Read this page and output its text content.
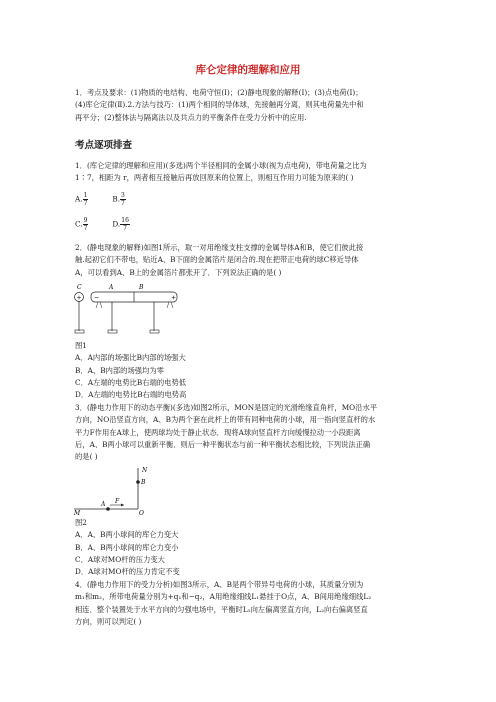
库仑定律的理解和应用

1．考点及要求：(1)物质的电结构、电荷守恒(Ⅰ)；(2)静电现象的解释(Ⅰ)；(3)点电荷(Ⅰ)；

(4)库仑定律(Ⅱ).2.方法与技巧：(1)两个相同的导体球，先接触再分离，则其电荷量先中和

再平分；(2)整体法与隔离法以及共点力的平衡条件在受力分析中的应用.

考点逐项排查

1．(库仑定律的理解和应用)(多选)两个半径相同的金属小球(视为点电荷)，带电荷量之比为

1∶7，相距为 r，两者相互接触后再放回原来的位置上，则相互作用力可能为原来的( )

A. $\frac{1}{7}$	B. $\frac{3}{7}$
C. $\frac{9}{7}$	D. $\frac{16}{7}$

2．(静电现象的解释)如图1所示，取一对用绝缘支柱支撑的金属导体A和B，使它们彼此接

触.起初它们不带电，贴近A、B下面的金属箔片是闭合的.现在把带正电荷的球C移近导体

A，可以看到A、B上的金属箔片都张开了．下列说法正确的是( )

C	A	B
+ −	+

图1

A．A内部的场强比B内部的场强大

B．A、B内部的场强均为零

C．A左端的电势比B右端的电势低

D．A左端的电势比B右端的电势高

3．(静电力作用下的动态平衡)(多选)如图2所示，MON是固定的光滑绝缘直角杆，MO沿水平

方向，NO沿竖直方向，A、B为两个套在此杆上的带有同种电荷的小球，用一指向竖直杆的水

平力F作用在A球上，使两球均处于静止状态．现将A球向竖直杆方向缓慢拉动一小段距离

后，A、B两小球可以重新平衡．则后一种平衡状态与前一种平衡状态相比较，下列说法正确

的是( )

N
B
A F
O
M

图2

A．A、B两小球间的库仑力变大

B．A、B两小球间的库仑力变小

C．A球对MO杆的压力变大

D．A球对MO杆的压力肯定不变

4．(静电力作用下的受力分析)如图3所示，A、B是两个带异号电荷的小球，其质量分别为

m₁和m₂，所带电荷量分别为+q₁和−q₂，A用绝缘细线L₁悬挂于O点，A、B间用绝缘细线L₂

相连．整个装置处于水平方向的匀强电场中，平衡时L₁向左偏离竖直方向，L₂向右偏离竖直

方向，则可以判定( )
